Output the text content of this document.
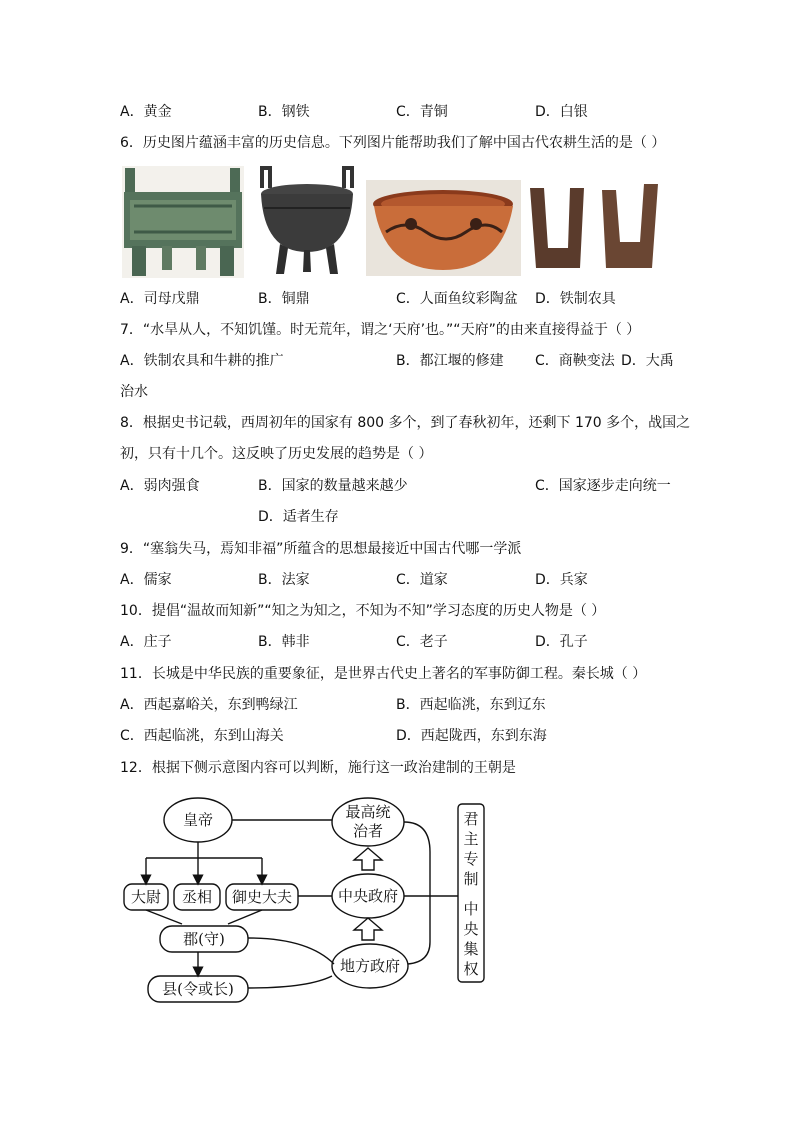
A．黄金	B．钢铁	C．青铜	D．白银
6．历史图片蕴涵丰富的历史信息。下列图片能帮助我们了解中国古代农耕生活的是（ ）
A．司母戊鼎	B．铜鼎	C．人面鱼纹彩陶盆 D．铁制农具
7．“水旱从人，不知饥馑。时无荒年，谓之‘天府’也。”“天府”的由来直接得益于（ ）
A．铁制农具和牛耕的推广	B．都江堰的修建 C．商鞅变法 D．大禹
治水
8．根据史书记载，西周初年的国家有 800 多个，到了春秋初年，还剩下 170 多个，战国之
初，只有十几个。这反映了历史发展的趋势是（ ）
A．弱肉强食	B．国家的数量越来越少	C．国家逐步走向统一
D．适者生存
9．“塞翁失马，焉知非福”所蕴含的思想最接近中国古代哪一学派
A．儒家	B．法家	C．道家	D．兵家
10．提倡“温故而知新”“知之为知之，不知为不知”学习态度的历史人物是（ ）
A．庄子	B．韩非	C．老子	D．孔子
11．长城是中华民族的重要象征，是世界古代史上著名的军事防御工程。秦长城（ ）
A．西起嘉峪关，东到鸭绿江	B．西起临洮，东到辽东
C．西起临洮，东到山海关	D．西起陇西，东到东海
12．根据下侧示意图内容可以判断，施行这一政治建制的王朝是
皇帝	最高统
治者
大尉 丞相 御史大夫	中央政府
郡(守)
县(令或长)
地方政府
君
主
专
制
中
央
集
权
